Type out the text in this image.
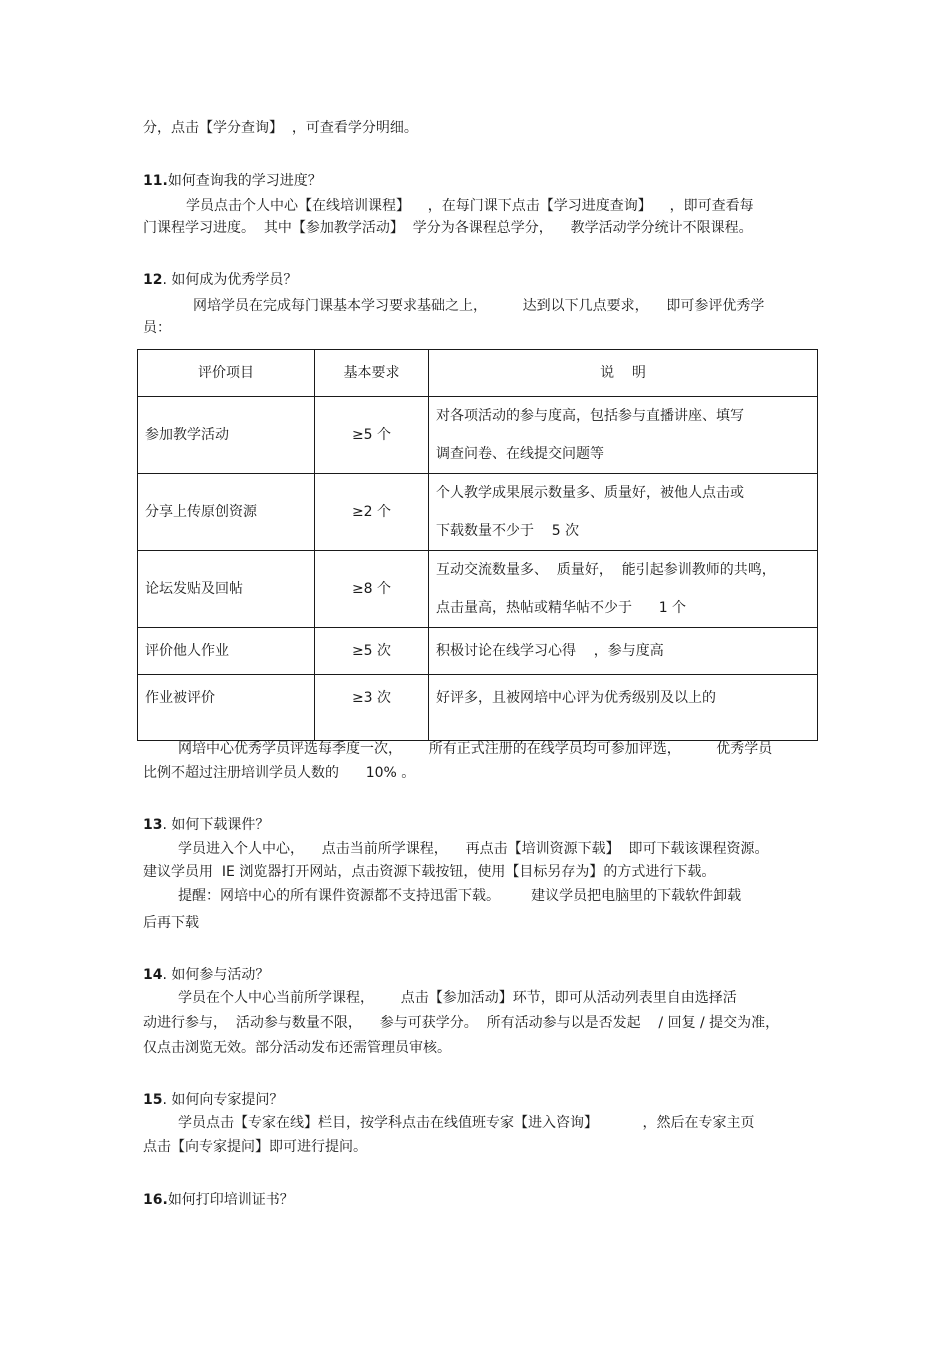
分，点击【学分查询】  ，可查看学分明细。
11.如何查询我的学习进度？
学员点击个人中心【在线培训课程】    ，在每门课下点击【学习进度查询】    ，即可查看每
门课程学习进度。  其中【参加教学活动】  学分为各课程总学分，    教学活动学分统计不限课程。
12. 如何成为优秀学员？
网培学员在完成每门课基本学习要求基础之上，        达到以下几点要求，    即可参评优秀学
员：
评价项目	基本要求	说    明
参加教学活动	≥5 个	对各项活动的参与度高，包括参与直播讲座、填写
调查问卷、在线提交问题等

分享上传原创资源	≥2 个	个人教学成果展示数量多、质量好，被他人点击或
下载数量不少于    5 次

论坛发贴及回帖	≥8 个	互动交流数量多、  质量好，  能引起参训教师的共鸣，
点击量高，热帖或精华帖不少于      1 个

评价他人作业	≥5 次	积极讨论在线学习心得    ，参与度高

作业被评价	≥3 次	好评多，且被网培中心评为优秀级别及以上的
网培中心优秀学员评选每季度一次，      所有正式注册的在线学员均可参加评选，        优秀学员
比例不超过注册培训学员人数的      10% 。
13. 如何下载课件？
学员进入个人中心，    点击当前所学课程，    再点击【培训资源下载】  即可下载该课程资源。
建议学员用  IE 浏览器打开网站，点击资源下载按钮，使用【目标另存为】的方式进行下载。
提醒：网培中心的所有课件资源都不支持迅雷下载。       建议学员把电脑里的下载软件卸载
后再下载
14. 如何参与活动？
学员在个人中心当前所学课程，      点击【参加活动】环节，即可从活动列表里自由选择活
动进行参与，  活动参与数量不限，    参与可获学分。  所有活动参与以是否发起    / 回复 / 提交为准，
仅点击浏览无效。部分活动发布还需管理员审核。
15. 如何向专家提问？
学员点击【专家在线】栏目，按学科点击在线值班专家【进入咨询】          ，然后在专家主页
点击【向专家提问】即可进行提问。
16.如何打印培训证书？
